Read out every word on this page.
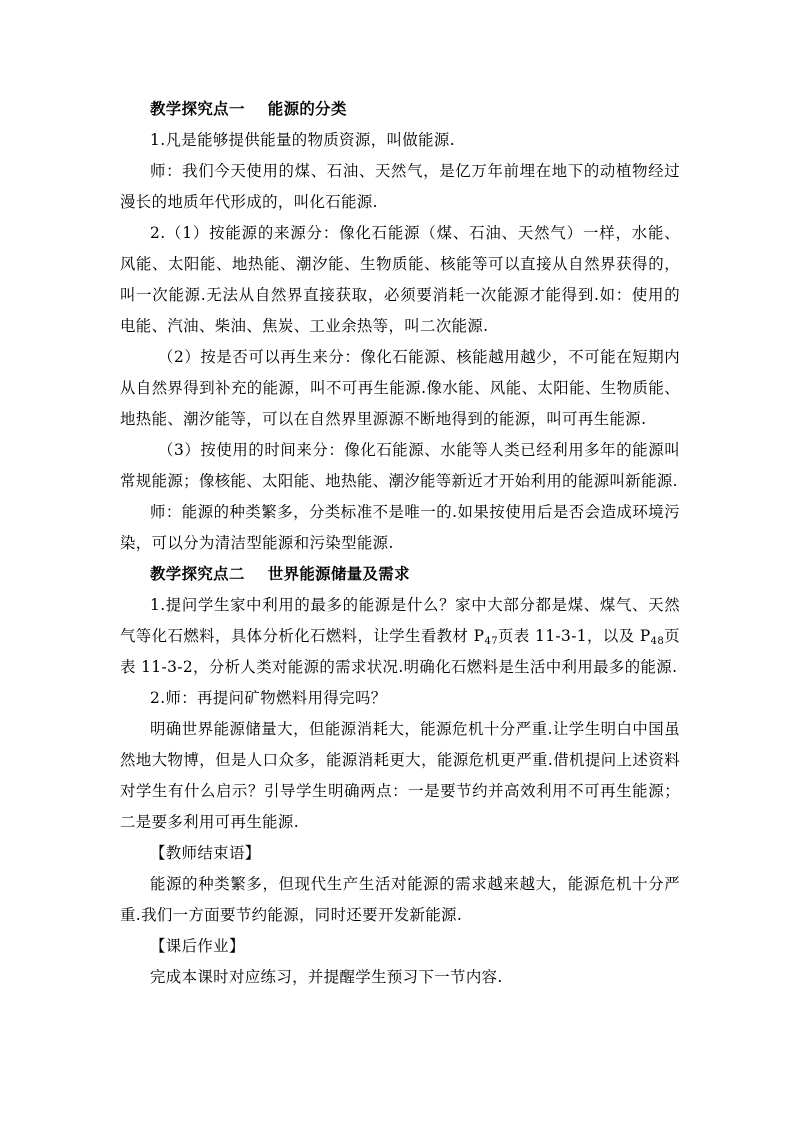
教学探究点一    能源的分类

1.凡是能够提供能量的物质资源，叫做能源.

师：我们今天使用的煤、石油、天然气，是亿万年前埋在地下的动植物经过漫长的地质年代形成的，叫化石能源.

2.（1）按能源的来源分：像化石能源（煤、石油、天然气）一样，水能、风能、太阳能、地热能、潮汐能、生物质能、核能等可以直接从自然界获得的，叫一次能源.无法从自然界直接获取，必须要消耗一次能源才能得到.如：使用的电能、汽油、柴油、焦炭、工业余热等，叫二次能源.

（2）按是否可以再生来分：像化石能源、核能越用越少，不可能在短期内从自然界得到补充的能源，叫不可再生能源.像水能、风能、太阳能、生物质能、地热能、潮汐能等，可以在自然界里源源不断地得到的能源，叫可再生能源.

（3）按使用的时间来分：像化石能源、水能等人类已经利用多年的能源叫常规能源；像核能、太阳能、地热能、潮汐能等新近才开始利用的能源叫新能源.

师：能源的种类繁多，分类标准不是唯一的.如果按使用后是否会造成环境污染，可以分为清洁型能源和污染型能源.

教学探究点二    世界能源储量及需求

1.提问学生家中利用的最多的能源是什么？家中大部分都是煤、煤气、天然气等化石燃料，具体分析化石燃料，让学生看教材 $P_{47}$页表 11-3-1，以及 $P_{48}$页表 11-3-2，分析人类对能源的需求状况.明确化石燃料是生活中利用最多的能源.

2.师：再提问矿物燃料用得完吗？

明确世界能源储量大，但能源消耗大，能源危机十分严重.让学生明白中国虽然地大物博，但是人口众多，能源消耗更大，能源危机更严重.借机提问上述资料对学生有什么启示？引导学生明确两点：一是要节约并高效利用不可再生能源；二是要多利用可再生能源.

【教师结束语】

能源的种类繁多，但现代生产生活对能源的需求越来越大，能源危机十分严重.我们一方面要节约能源，同时还要开发新能源.

【课后作业】

完成本课时对应练习，并提醒学生预习下一节内容.
